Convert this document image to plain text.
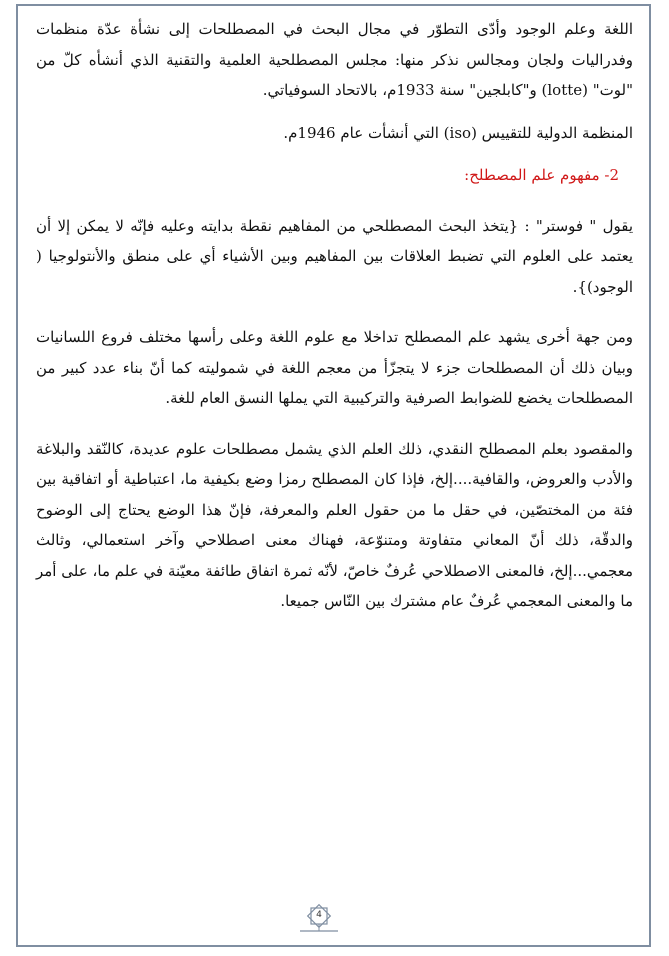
اللغة وعلم الوجود وأدّى التطوّر في مجال البحث في المصطلحات إلى نشأة عدّة منظمات وفدراليات ولجان ومجالس نذكر منها: مجلس المصطلحية العلمية والتقنية الذي أنشأه كلّ من "لوت" (lotte) و"كابلجين" سنة 1933م، بالاتحاد السوفياتي.

المنظمة الدولية للتقييس (iso) التي أنشأت عام 1946م.

2- مفهوم علم المصطلح:

يقول " فوستر" : {يتخذ البحث المصطلحي من المفاهيم نقطة بدايته وعليه فإنّه لا يمكن إلا أن يعتمد على العلوم التي تضبط العلاقات بين المفاهيم وبين الأشياء أي على منطق والأنتولوجيا ( الوجود)}.

ومن جهة أخرى يشهد علم المصطلح تداخلا مع علوم اللغة وعلى رأسها مختلف فروع اللسانيات وبيان ذلك أن المصطلحات جزء لا يتجزّأ من معجم اللغة في شموليته كما أنّ بناء عدد كبير من المصطلحات يخضع للضوابط الصرفية والتركيبية التي يملها النسق العام للغة.

والمقصود بعلم المصطلح النقدي، ذلك العلم الذي يشمل مصطلحات علوم عديدة، كالنّقد والبلاغة والأدب والعروض، والقافية....إلخ، فإذا كان المصطلح رمزا وضع بكيفية ما، اعتباطية أو اتفاقية بين فئة من المختصّين، في حقل ما من حقول العلم والمعرفة، فإنّ هذا الوضع يحتاج إلى الوضوح والدقّة، ذلك أنّ المعاني متفاوتة ومتنوّعة، فهناك معنى اصطلاحي وآخر استعمالي، وثالث معجمي...إلخ، فالمعنى الاصطلاحي عُرفٌ خاصّ، لأنّه ثمرة اتفاق طائفة معيّنة في علم ما، على أمر ما والمعنى المعجمي عُرفٌ عام مشترك بين النّاس جميعا.

4
